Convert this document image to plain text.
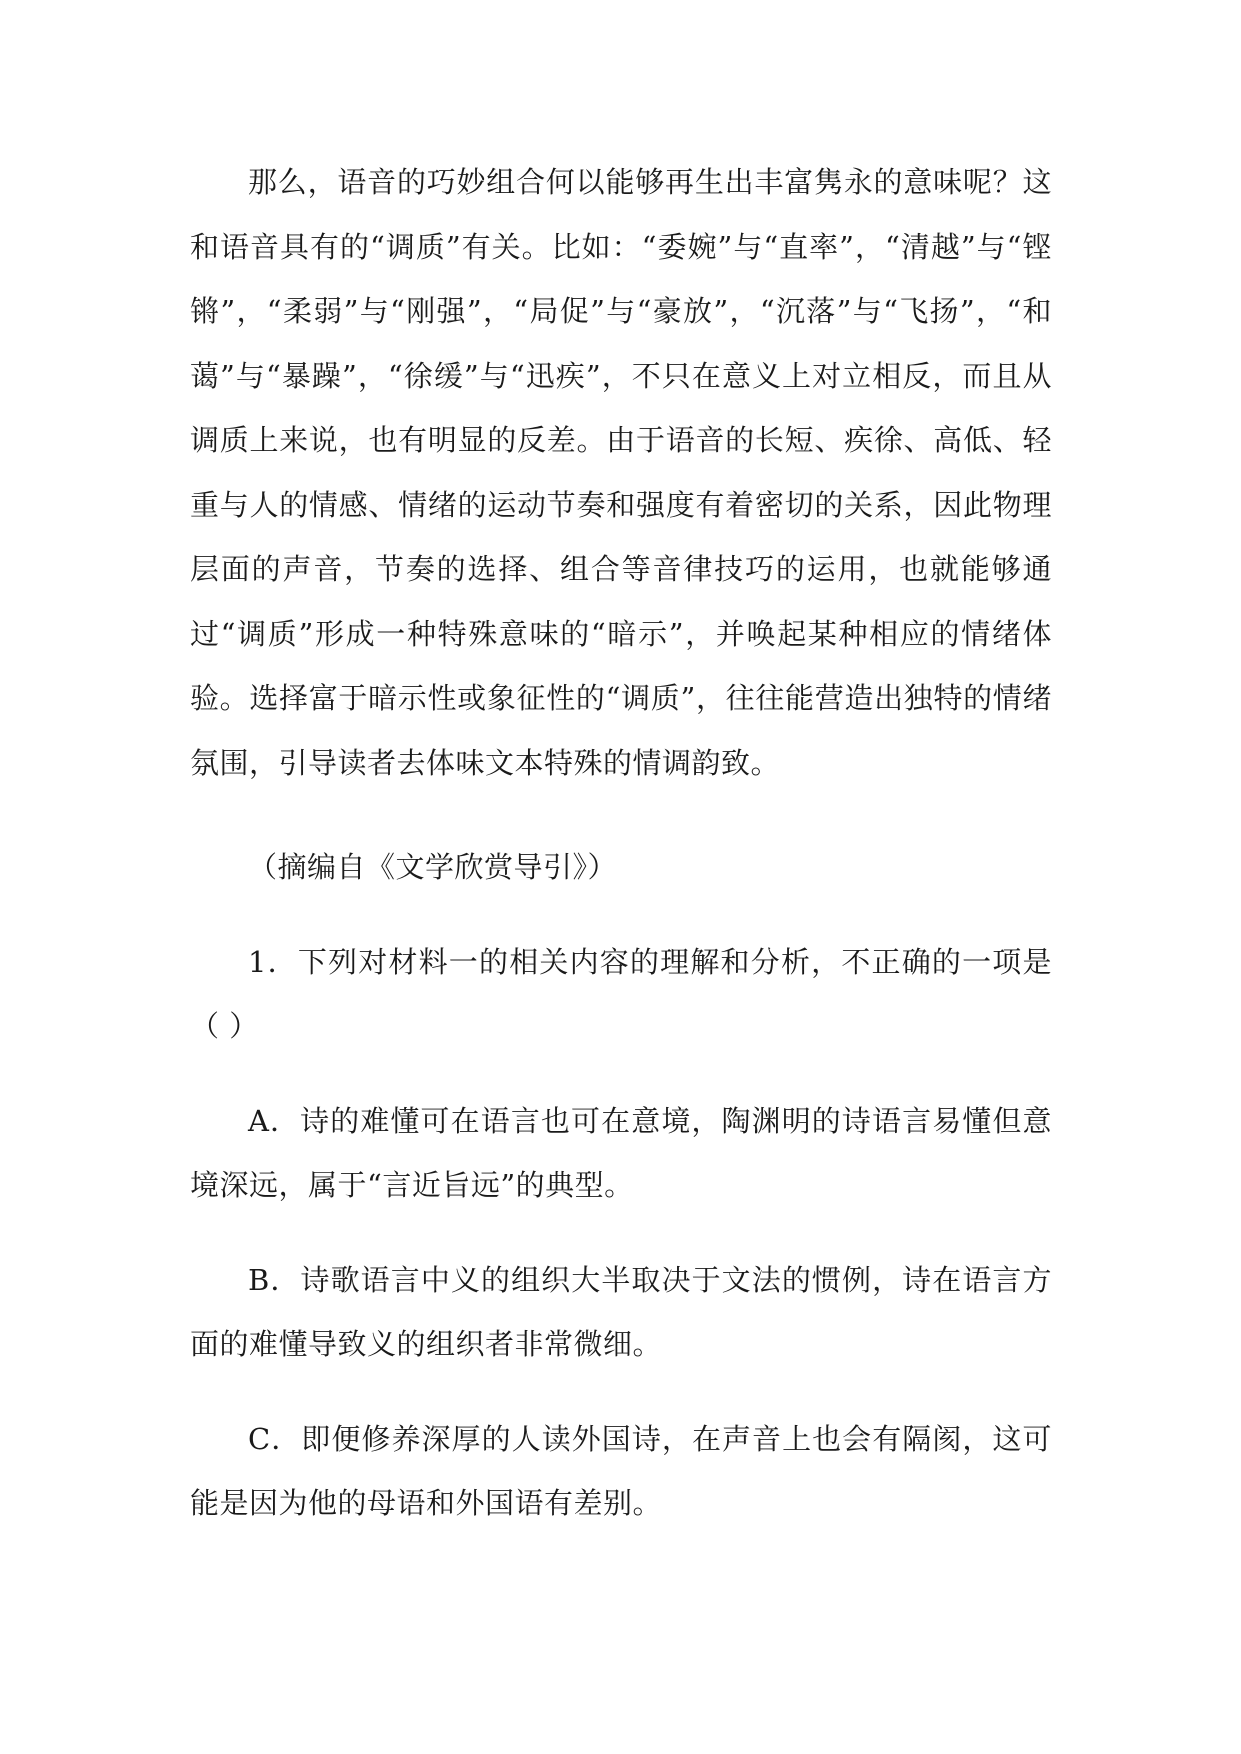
那么，语音的巧妙组合何以能够再生出丰富隽永的意味呢？这和语音具有的“调质”有关。比如：“委婉”与“直率”，“清越”与“铿锵”，“柔弱”与“刚强”，“局促”与“豪放”，“沉落”与“飞扬”，“和蔼”与“暴躁”，“徐缓”与“迅疾”，不只在意义上对立相反，而且从调质上来说，也有明显的反差。由于语音的长短、疾徐、高低、轻重与人的情感、情绪的运动节奏和强度有着密切的关系，因此物理层面的声音，节奏的选择、组合等音律技巧的运用，也就能够通过“调质”形成一种特殊意味的“暗示”，并唤起某种相应的情绪体验。选择富于暗示性或象征性的“调质”，往往能营造出独特的情绪氛围，引导读者去体味文本特殊的情调韵致。

（摘编自《文学欣赏导引》）

1．下列对材料一的相关内容的理解和分析，不正确的一项是（ ）

A．诗的难懂可在语言也可在意境，陶渊明的诗语言易懂但意境深远，属于“言近旨远”的典型。

B．诗歌语言中义的组织大半取决于文法的惯例，诗在语言方面的难懂导致义的组织者非常微细。

C．即便修养深厚的人读外国诗，在声音上也会有隔阂，这可能是因为他的母语和外国语有差别。
